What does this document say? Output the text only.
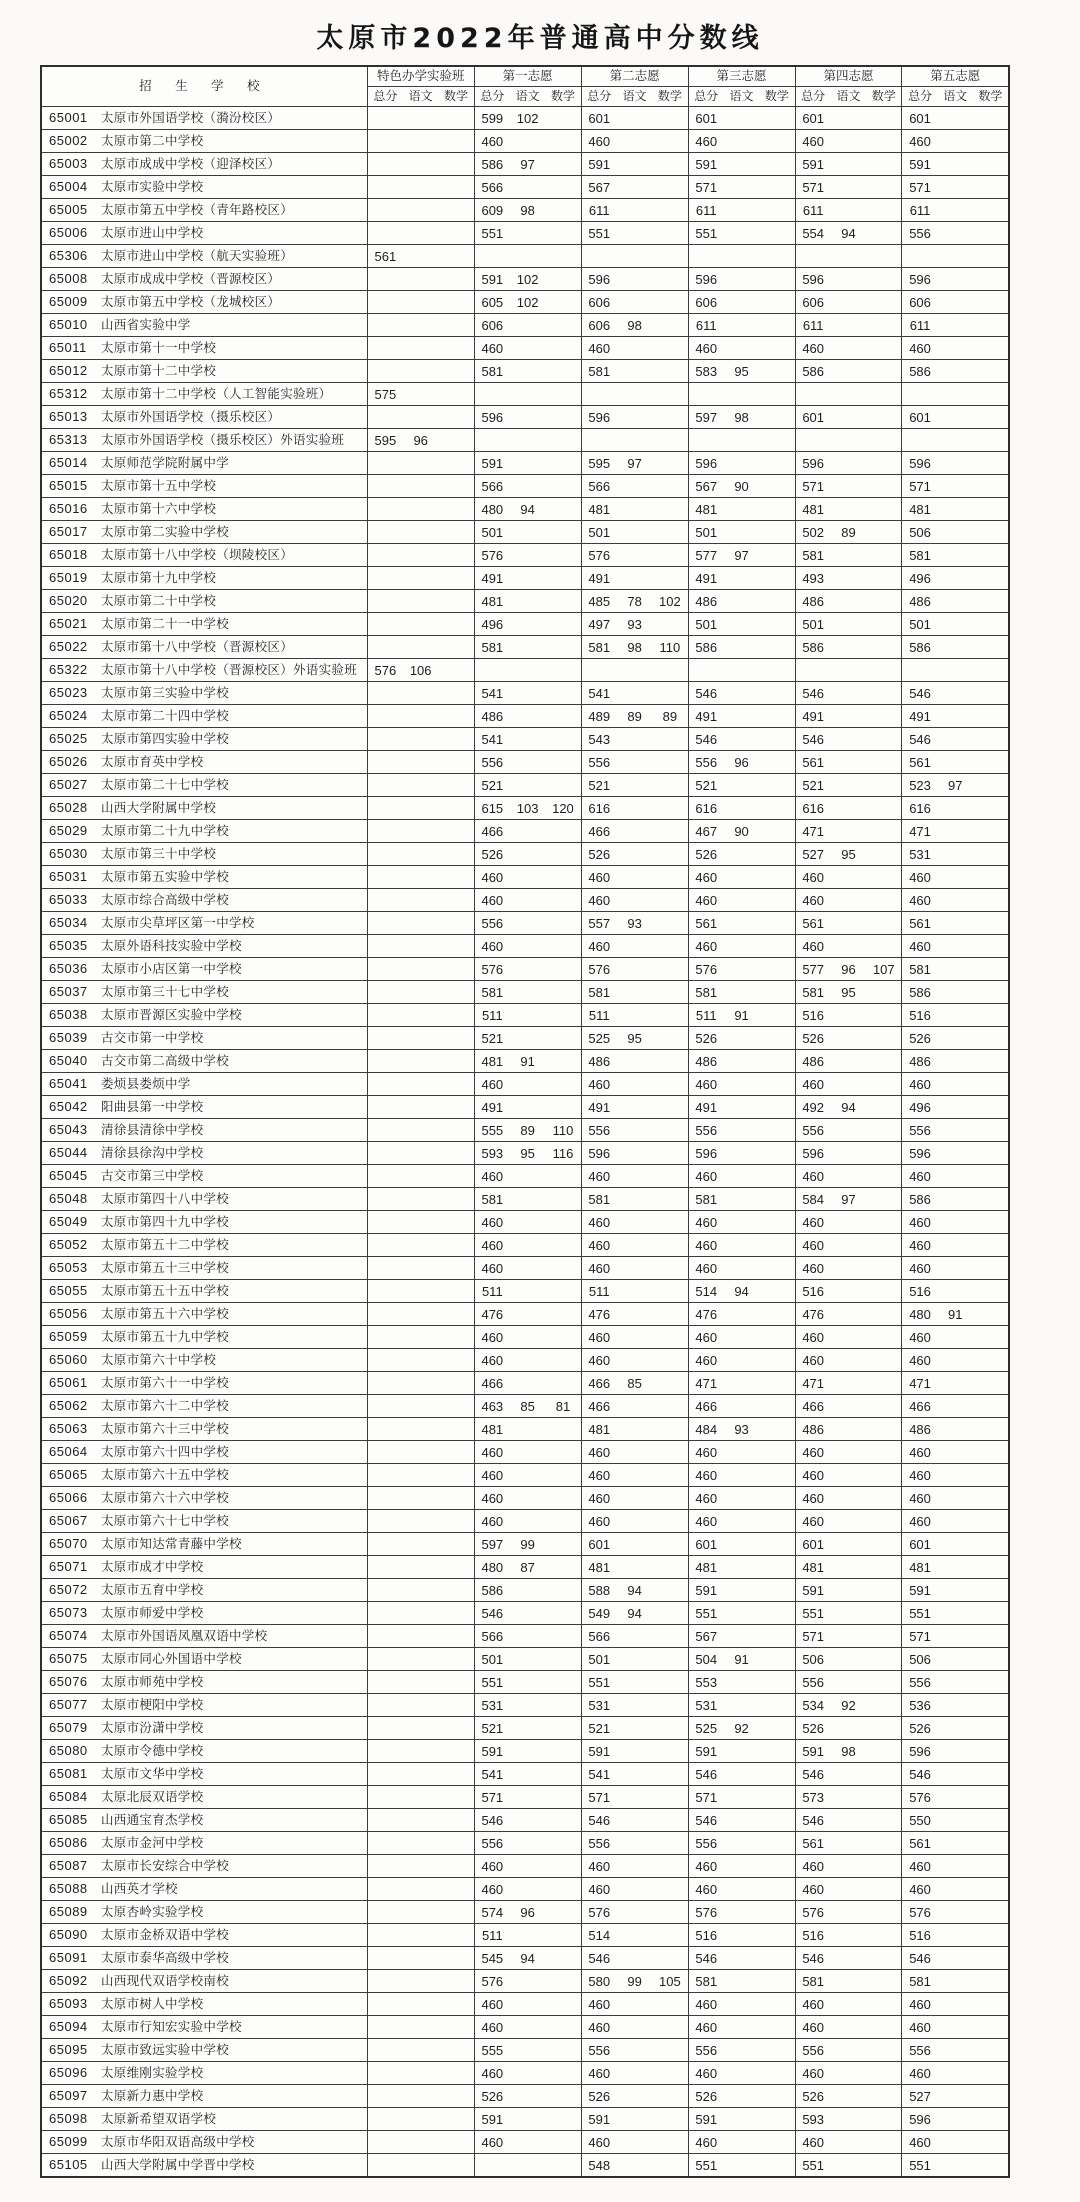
太原市2022年普通高中分数线
招 生 学 校	特色办学实验班	第一志愿	第二志愿	第三志愿	第四志愿	第五志愿
	总分 语文 数学	总分 语文 数学	总分 语文 数学	总分 语文 数学	总分 语文 数学	总分 语文 数学
65001 太原市外国语学校（漪汾校区）		599 102	601	601	601	601
65002 太原市第二中学校		460	460	460	460	460
65003 太原市成成中学校（迎泽校区）		586 97	591	591	591	591
65004 太原市实验中学校		566	567	571	571	571
65005 太原市第五中学校（青年路校区）		609 98	611	611	611	611
65006 太原市进山中学校		551	551	551	554 94	556
65306 太原市进山中学校（航天实验班）	561					
65008 太原市成成中学校（晋源校区）		591 102	596	596	596	596
65009 太原市第五中学校（龙城校区）		605 102	606	606	606	606
65010 山西省实验中学		606	606 98	611	611	611
65011 太原市第十一中学校		460	460	460	460	460
65012 太原市第十二中学校		581	581	583 95	586	586
65312 太原市第十二中学校（人工智能实验班）	575					
65013 太原市外国语学校（摄乐校区）		596	596	597 98	601	601
65313 太原市外国语学校（摄乐校区）外语实验班	595 96					
65014 太原师范学院附属中学		591	595 97	596	596	596
65015 太原市第十五中学校		566	566	567 90	571	571
65016 太原市第十六中学校		480 94	481	481	481	481
65017 太原市第二实验中学校		501	501	501	502 89	506
65018 太原市第十八中学校（坝陵校区）		576	576	577 97	581	581
65019 太原市第十九中学校		491	491	491	493	496
65020 太原市第二十中学校		481	485 78 102	486	486	486
65021 太原市第二十一中学校		496	497 93	501	501	501
65022 太原市第十八中学校（晋源校区）		581	581 98 110	586	586	586
65322 太原市第十八中学校（晋源校区）外语实验班	576 106					
65023 太原市第三实验中学校		541	541	546	546	546
65024 太原市第二十四中学校		486	489 89 89	491	491	491
65025 太原市第四实验中学校		541	543	546	546	546
65026 太原市育英中学校		556	556	556 96	561	561
65027 太原市第二十七中学校		521	521	521	521	523 97
65028 山西大学附属中学校		615 103 120	616	616	616	616
65029 太原市第二十九中学校		466	466	467 90	471	471
65030 太原市第三十中学校		526	526	526	527 95	531
65031 太原市第五实验中学校		460	460	460	460	460
65033 太原市综合高级中学校		460	460	460	460	460
65034 太原市尖草坪区第一中学校		556	557 93	561	561	561
65035 太原外语科技实验中学校		460	460	460	460	460
65036 太原市小店区第一中学校		576	576	576	577 96 107	581
65037 太原市第三十七中学校		581	581	581	581 95	586
65038 太原市晋源区实验中学校		511	511	511 91	516	516
65039 古交市第一中学校		521	525 95	526	526	526
65040 古交市第二高级中学校		481 91	486	486	486	486
65041 娄烦县娄烦中学		460	460	460	460	460
65042 阳曲县第一中学校		491	491	491	492 94	496
65043 清徐县清徐中学校		555 89 110	556	556	556	556
65044 清徐县徐沟中学校		593 95 116	596	596	596	596
65045 古交市第三中学校		460	460	460	460	460
65048 太原市第四十八中学校		581	581	581	584 97	586
65049 太原市第四十九中学校		460	460	460	460	460
65052 太原市第五十二中学校		460	460	460	460	460
65053 太原市第五十三中学校		460	460	460	460	460
65055 太原市第五十五中学校		511	511	514 94	516	516
65056 太原市第五十六中学校		476	476	476	476	480 91
65059 太原市第五十九中学校		460	460	460	460	460
65060 太原市第六十中学校		460	460	460	460	460
65061 太原市第六十一中学校		466	466 85	471	471	471
65062 太原市第六十二中学校		463 85 81	466	466	466	466
65063 太原市第六十三中学校		481	481	484 93	486	486
65064 太原市第六十四中学校		460	460	460	460	460
65065 太原市第六十五中学校		460	460	460	460	460
65066 太原市第六十六中学校		460	460	460	460	460
65067 太原市第六十七中学校		460	460	460	460	460
65070 太原市知达常青藤中学校		597 99	601	601	601	601
65071 太原市成才中学校		480 87	481	481	481	481
65072 太原市五育中学校		586	588 94	591	591	591
65073 太原市师爱中学校		546	549 94	551	551	551
65074 太原市外国语凤凰双语中学校		566	566	567	571	571
65075 太原市同心外国语中学校		501	501	504 91	506	506
65076 太原市师苑中学校		551	551	553	556	556
65077 太原市梗阳中学校		531	531	531	534 92	536
65079 太原市汾潇中学校		521	521	525 92	526	526
65080 太原市令德中学校		591	591	591	591 98	596
65081 太原市文华中学校		541	541	546	546	546
65084 太原北辰双语学校		571	571	571	573	576
65085 山西通宝育杰学校		546	546	546	546	550
65086 太原市金河中学校		556	556	556	561	561
65087 太原市长安综合中学校		460	460	460	460	460
65088 山西英才学校		460	460	460	460	460
65089 太原杏岭实验学校		574 96	576	576	576	576
65090 太原市金桥双语中学校		511	514	516	516	516
65091 太原市泰华高级中学校		545 94	546	546	546	546
65092 山西现代双语学校南校		576	580 99 105	581	581	581
65093 太原市树人中学校		460	460	460	460	460
65094 太原市行知宏实验中学校		460	460	460	460	460
65095 太原市致远实验中学校		555	556	556	556	556
65096 太原维刚实验学校		460	460	460	460	460
65097 太原新力惠中学校		526	526	526	526	527
65098 太原新希望双语学校		591	591	591	593	596
65099 太原市华阳双语高级中学校		460	460	460	460	460
65105 山西大学附属中学晋中学校			548	551	551	551
